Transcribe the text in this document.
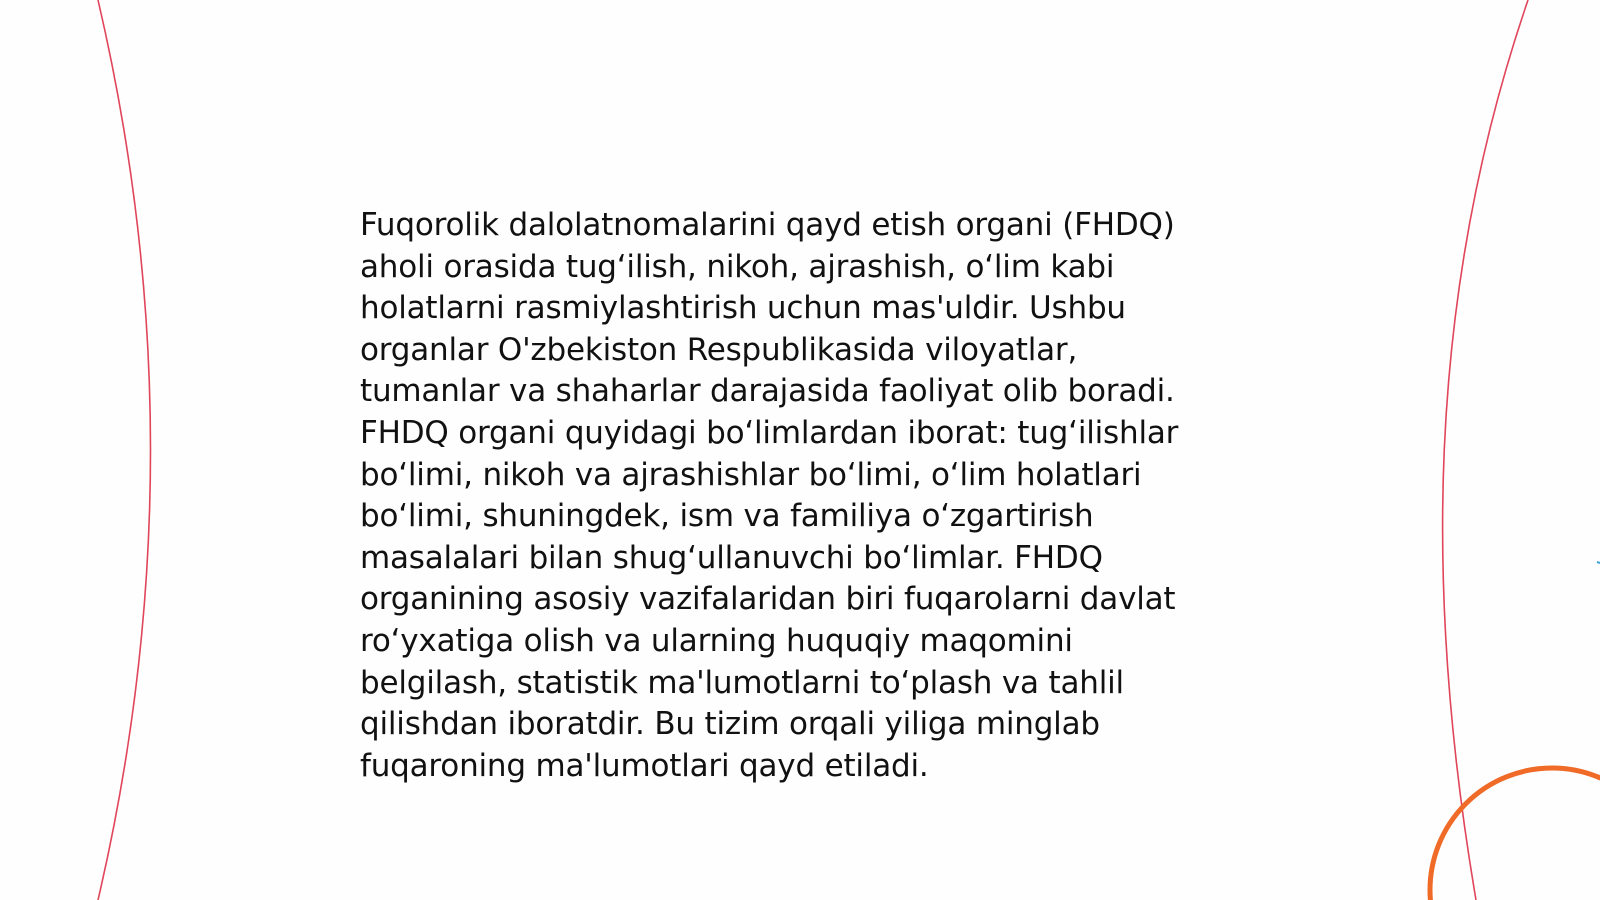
Fuqorolik dalolatnomalarini qayd etish organi (FHDQ)
aholi orasida tug‘ilish, nikoh, ajrashish, o‘lim kabi
holatlarni rasmiylashtirish uchun mas'uldir. Ushbu
organlar O'zbekiston Respublikasida viloyatlar,
tumanlar va shaharlar darajasida faoliyat olib boradi.
FHDQ organi quyidagi bo‘limlardan iborat: tug‘ilishlar
bo‘limi, nikoh va ajrashishlar bo‘limi, o‘lim holatlari
bo‘limi, shuningdek, ism va familiya o‘zgartirish
masalalari bilan shug‘ullanuvchi bo‘limlar. FHDQ
organining asosiy vazifalaridan biri fuqarolarni davlat
ro‘yxatiga olish va ularning huquqiy maqomini
belgilash, statistik ma'lumotlarni to‘plash va tahlil
qilishdan iboratdir. Bu tizim orqali yiliga minglab
fuqaroning ma'lumotlari qayd etiladi.
